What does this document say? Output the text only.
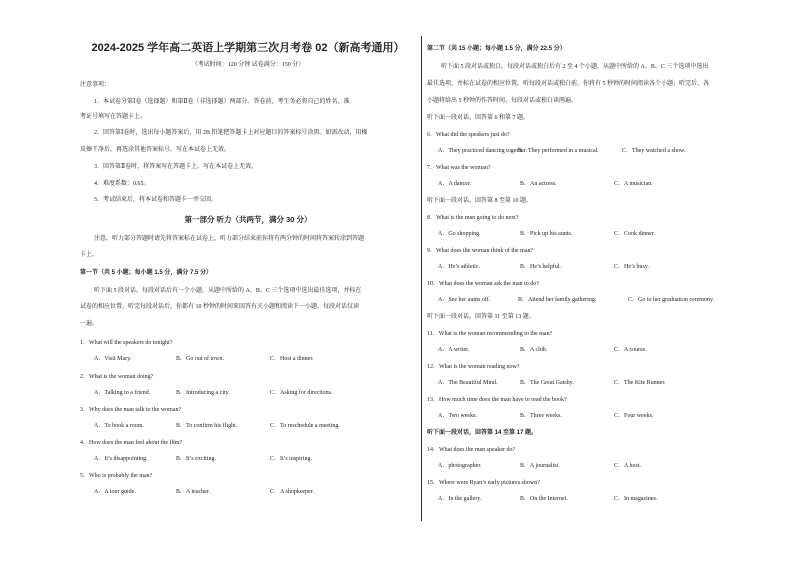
2024-2025 学年高二英语上学期第三次月考卷 02（新高考通用）
（考试时间：120 分钟 试卷满分：150 分）
注意事项：
1．本试卷分第Ⅰ卷（选择题）和第Ⅱ卷（非选择题）两部分。答卷前，考生务必将自己的姓名、准
考证号填写在答题卡上。
2．回答第Ⅰ卷时，选出每小题答案后，用 2B 铅笔把答题卡上对应题目的答案标号涂黑。如需改动，用橡
皮擦干净后，再选涂其他答案标号。写在本试卷上无效。
3．回答第Ⅱ卷时，将答案写在答题卡上。写在本试卷上无效。
4．难度系数：0.65。
5．考试结束后，将本试卷和答题卡一并交回。
第一部分 听力（共两节，满分 30 分）
注意，听力部分答题时请先将答案标在试卷上，听力部分结束前你将有两分钟的时间将答案转涂到答题
卡上。
第一节（共 5 小题；每小题 1.5 分，满分 7.5 分）
听下面 5 段对话。每段对话后有一个小题，从题中所给的 A、B、C 三个选项中选出最佳选项，并标在
试卷的相应位置。听完每段对话后，你都有 10 秒钟的时间来回答有关小题和阅读下一小题。每段对话仅读
一遍。
1．What will the speakers do tonight?
A．Visit Mary.	B．Go out of town.	C．Host a dinner.
2．What is the woman doing?
A．Talking to a friend.	B．Introducing a city.	C．Asking for directions.
3．Why does the man talk to the woman?
A．To book a room.	B．To confirm his flight.	C．To reschedule a meeting.
4．How does the man feel about the film?
A．It’s disappointing.	B．It’s exciting.	C．It’s inspiring.
5．Who is probably the man?
A．A tour guide.	B．A teacher.	C．A shopkeeper.
第二节（共 15 小题；每小题 1.5 分，满分 22.5 分）
听下面 5 段对话或独白。每段对话或独白后有 2 至 4 个小题，从题中所给的 A、B、C 三个选项中选出
最佳选项，并标在试卷的相应位置。听每段对话或独白前，你将有 5 秒钟的时间阅读各个小题；听完后，各
小题将给出 5 秒钟的作答时间。每段对话或独白读两遍。
听下面一段对话，回答第 6 和第 7 题。
6．What did the speakers just do?
A．They practiced dancing together.
B．They performed in a musical.	C．They watched a show.
7．What was the woman?
A．A dancer.	B．An actress.	C．A musician.
听下面一段对话，回答第 8 至第 10 题。
8．What is the man going to do next?
A．Go shopping.	B．Pick up his aunts.	C．Cook dinner.
9．What does the woman think of the man?
A．He’s athletic.	B．He’s helpful.	C．He’s busy.
10．What does the woman ask the man to do?
A．See her aunts off.	B．Attend her family gathering.	C．Go to her graduation ceremony.
听下面一段对话，回答第 11 至第 13 题。
11．What is the woman recommending to the man?
A．A writer.	B．A club.	C．A course.
12．What is the woman reading now?
A．The Beautiful Mind.	B．The Great Gatsby.	C．The Kite Runner.
13．How much time does the man have to read the book?
A．Two weeks.	B．Three weeks.	C．Four weeks.
听下面一段对话，回答第 14 至第 17 题。
14．What does the man speaker do?
A．photographer.	B．A journalist.	C．A host.
15．Where were Ryan’s early pictures shown?
A．In the gallery.	B．On the Internet.	C．In magazines.
